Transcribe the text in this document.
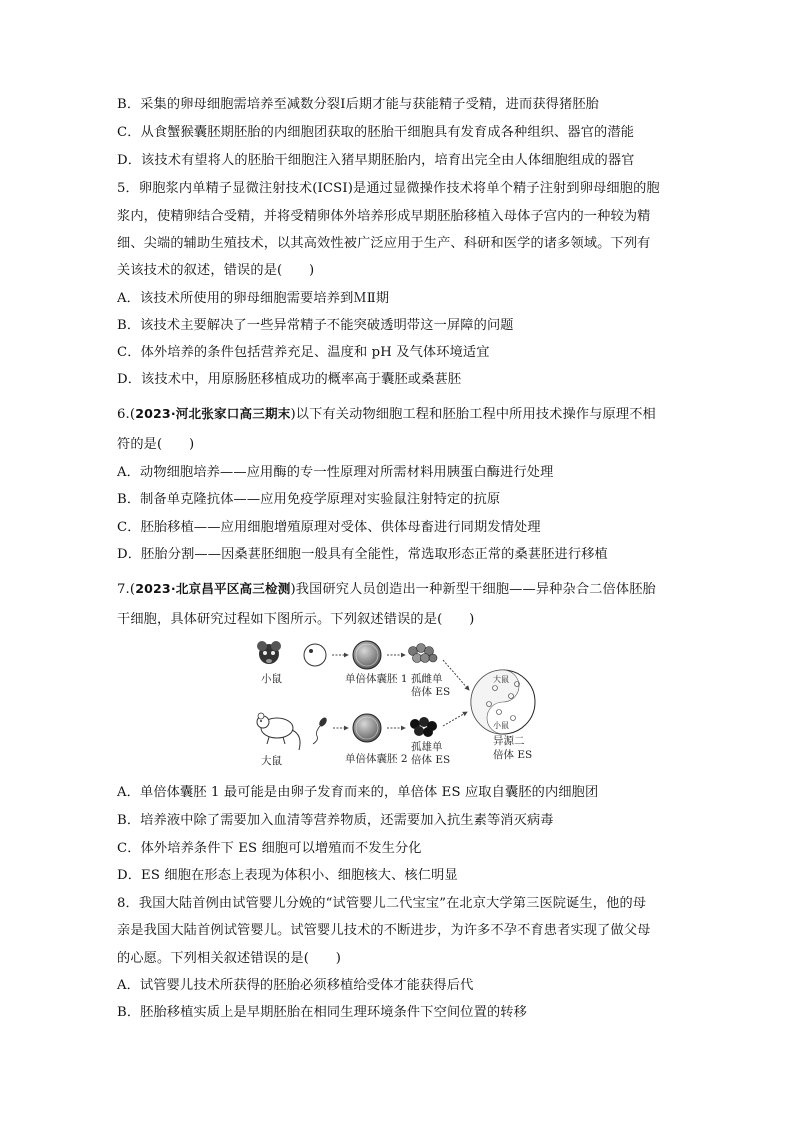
B．采集的卵母细胞需培养至减数分裂Ⅰ后期才能与获能精子受精，进而获得猪胚胎
C．从食蟹猴囊胚期胚胎的内细胞团获取的胚胎干细胞具有发育成各种组织、器官的潜能
D．该技术有望将人的胚胎干细胞注入猪早期胚胎内，培育出完全由人体细胞组成的器官
5．卵胞浆内单精子显微注射技术(ICSI)是通过显微操作技术将单个精子注射到卵母细胞的胞
浆内，使精卵结合受精，并将受精卵体外培养形成早期胚胎移植入母体子宫内的一种较为精
细、尖端的辅助生殖技术，以其高效性被广泛应用于生产、科研和医学的诸多领域。下列有
关该技术的叙述，错误的是(　　)
A．该技术所使用的卵母细胞需要培养到ＭⅡ期
B．该技术主要解决了一些异常精子不能突破透明带这一屏障的问题
C．体外培养的条件包括营养充足、温度和 pH 及气体环境适宜
D．该技术中，用原肠胚移植成功的概率高于囊胚或桑葚胚
6.(2023·河北张家口高三期末)以下有关动物细胞工程和胚胎工程中所用技术操作与原理不相
符的是(　　)
A．动物细胞培养——应用酶的专一性原理对所需材料用胰蛋白酶进行处理
B．制备单克隆抗体——应用免疫学原理对实验鼠注射特定的抗原
C．胚胎移植——应用细胞增殖原理对受体、供体母畜进行同期发情处理
D．胚胎分割——因桑葚胚细胞一般具有全能性，常选取形态正常的桑葚胚进行移植
7.(2023·北京昌平区高三检测)我国研究人员创造出一种新型干细胞——异种杂合二倍体胚胎
干细胞，具体研究过程如下图所示。下列叙述错误的是(　　)
小鼠	单倍体囊胚 1 孤雌单
倍体 ES
大鼠
小鼠
异源二
倍体 ES
大鼠	单倍体囊胚 2
孤雄单
倍体 ES
A．单倍体囊胚 1 最可能是由卵子发育而来的，单倍体 ES 应取自囊胚的内细胞团
B．培养液中除了需要加入血清等营养物质，还需要加入抗生素等消灭病毒
C．体外培养条件下 ES 细胞可以增殖而不发生分化
D．ES 细胞在形态上表现为体积小、细胞核大、核仁明显
8．我国大陆首例由试管婴儿分娩的“试管婴儿二代宝宝”在北京大学第三医院诞生，他的母
亲是我国大陆首例试管婴儿。试管婴儿技术的不断进步，为许多不孕不育患者实现了做父母
的心愿。下列相关叙述错误的是(　　)
A．试管婴儿技术所获得的胚胎必须移植给受体才能获得后代
B．胚胎移植实质上是早期胚胎在相同生理环境条件下空间位置的转移
